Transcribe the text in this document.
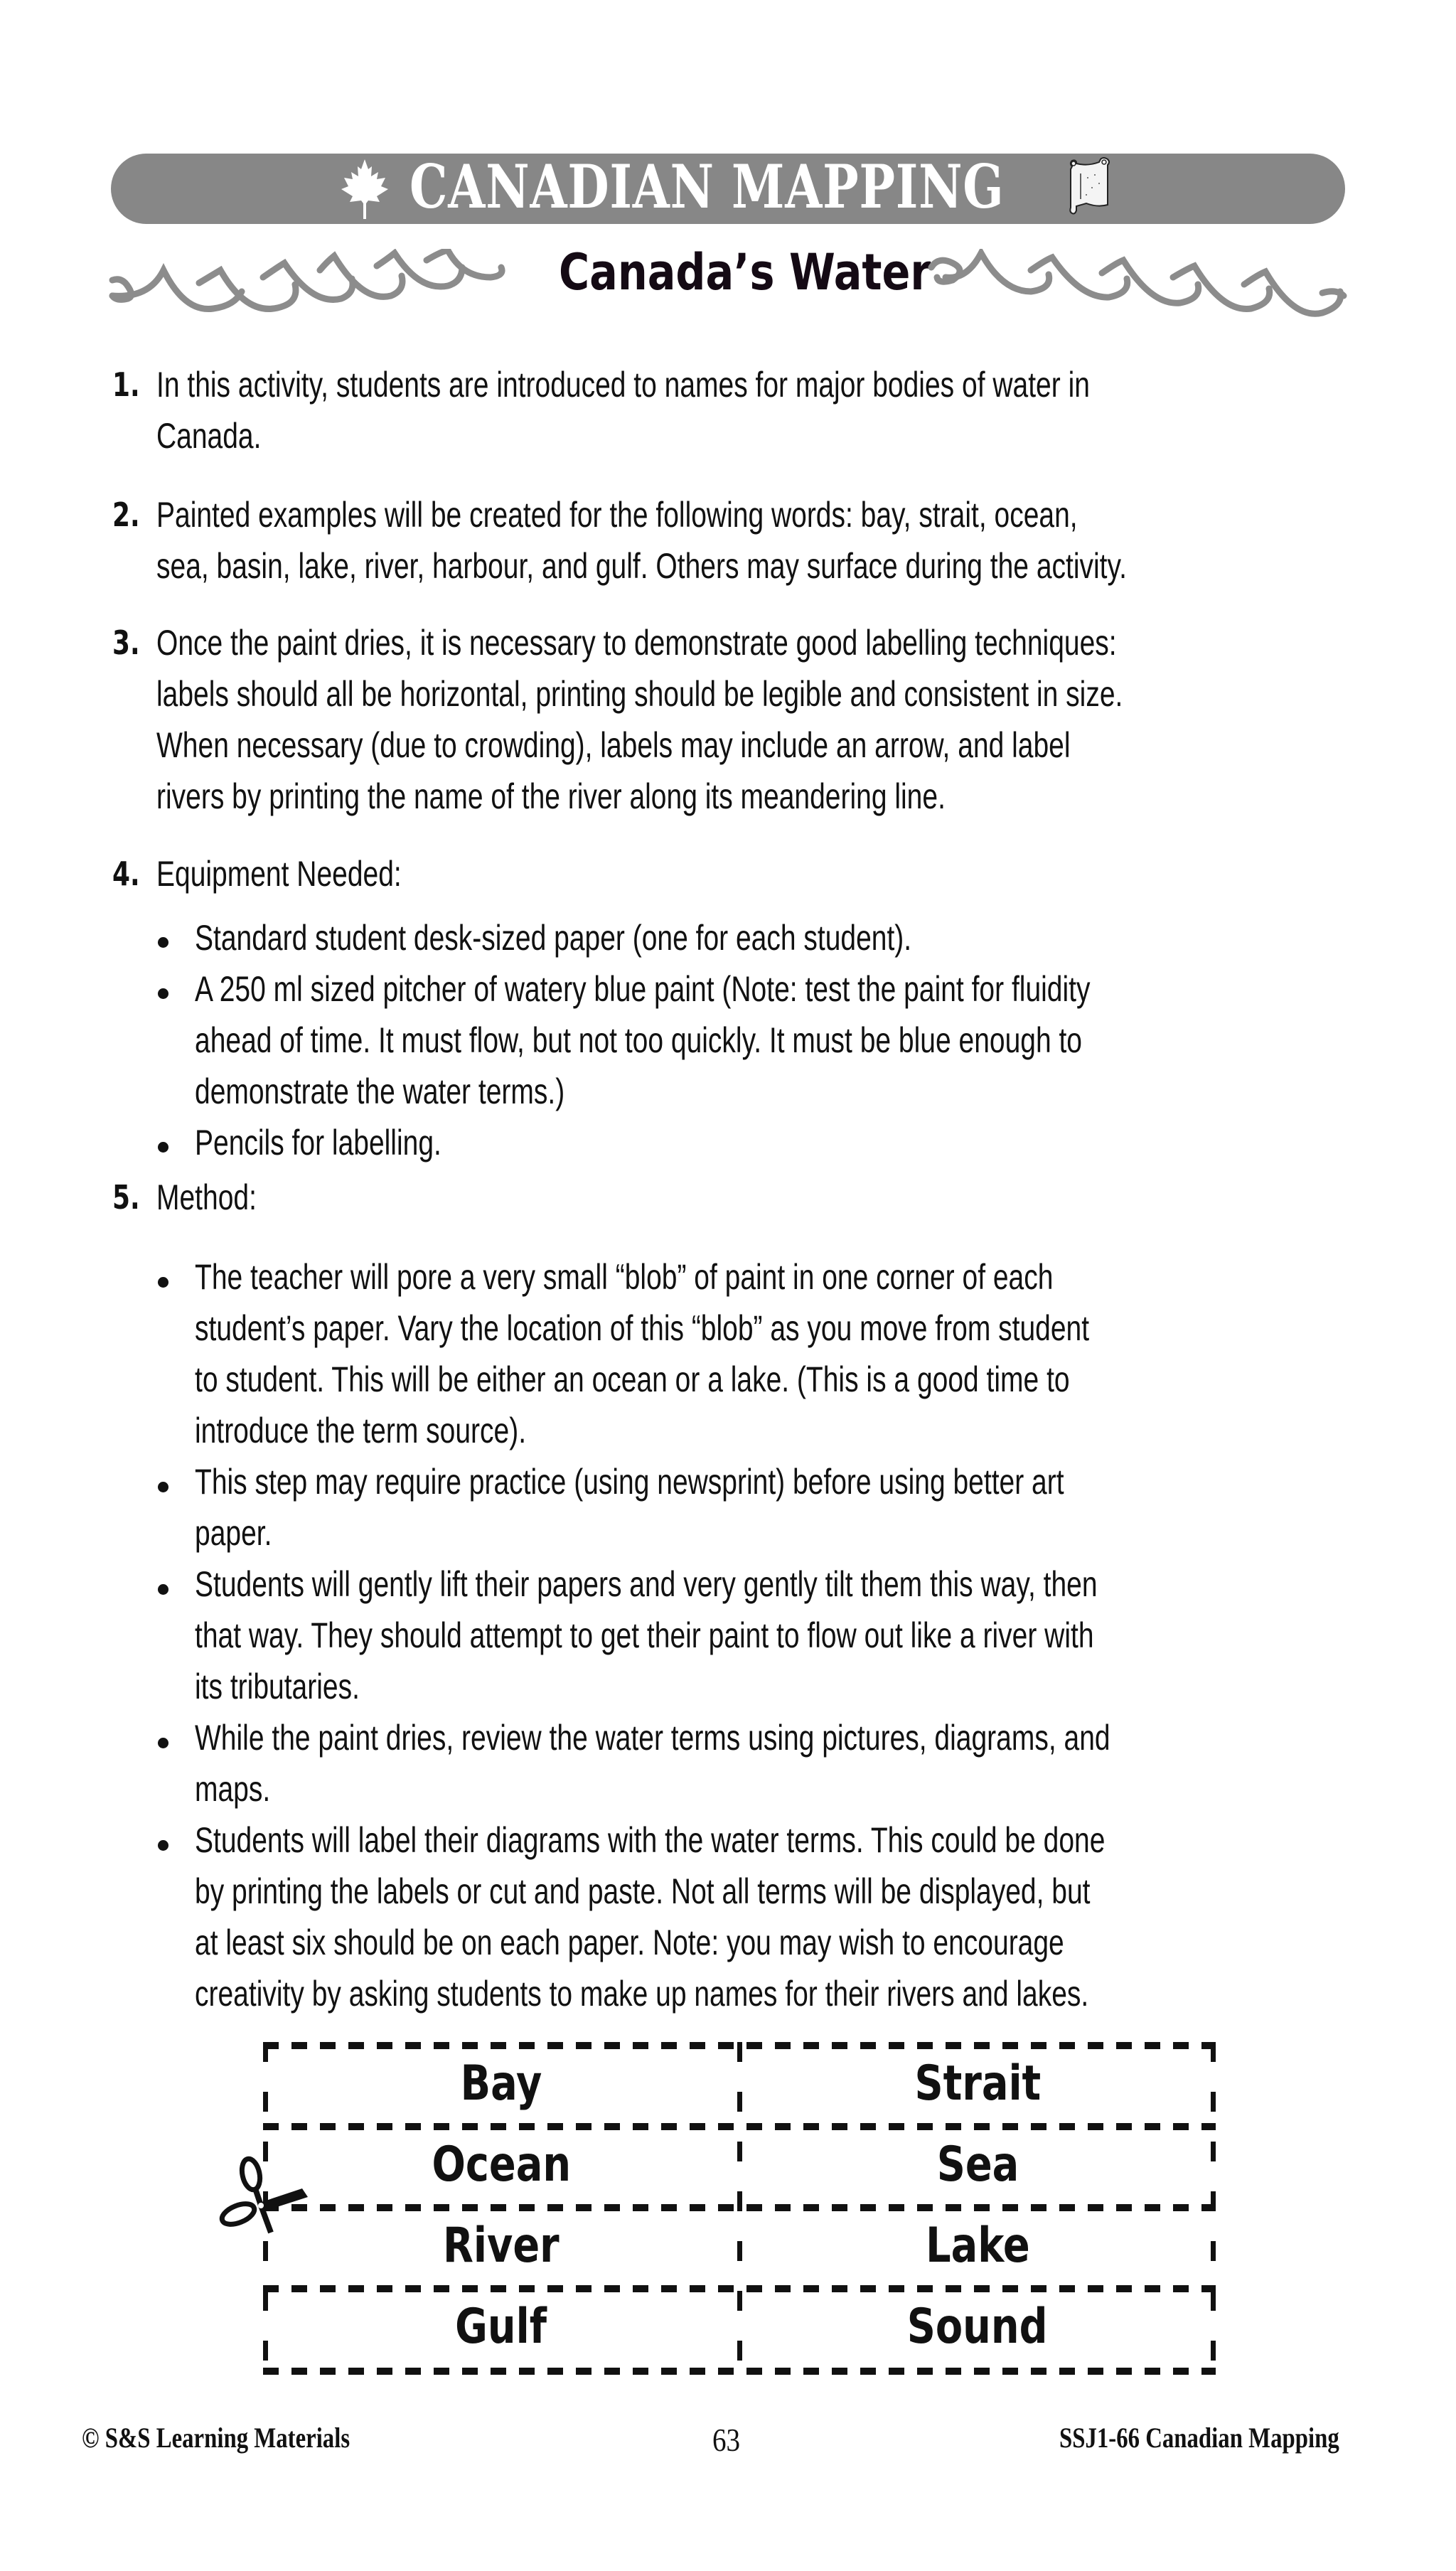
CANADIAN MAPPING
Canada’s Water
1. In this activity, students are introduced to names for major bodies of water in
Canada.
2. Painted examples will be created for the following words: bay, strait, ocean,
sea, basin, lake, river, harbour, and gulf. Others may surface during the activity.
3. Once the paint dries, it is necessary to demonstrate good labelling techniques:
labels should all be horizontal, printing should be legible and consistent in size.
When necessary (due to crowding), labels may include an arrow, and label
rivers by printing the name of the river along its meandering line.
4. Equipment Needed:
Standard student desk-sized paper (one for each student).
A 250 ml sized pitcher of watery blue paint (Note: test the paint for fluidity
ahead of time. It must flow, but not too quickly. It must be blue enough to
demonstrate the water terms.)
Pencils for labelling.
5. Method:
The teacher will pore a very small “blob” of paint in one corner of each
student’s paper. Vary the location of this “blob” as you move from student
to student. This will be either an ocean or a lake. (This is a good time to
introduce the term source).
This step may require practice (using newsprint) before using better art
paper.
Students will gently lift their papers and very gently tilt them this way, then
that way. They should attempt to get their paint to flow out like a river with
its tributaries.
While the paint dries, review the water terms using pictures, diagrams, and
maps.
Students will label their diagrams with the water terms. This could be done
by printing the labels or cut and paste. Not all terms will be displayed, but
at least six should be on each paper. Note: you may wish to encourage
creativity by asking students to make up names for their rivers and lakes.
Bay	Strait
Ocean	Sea
River	Lake
Gulf	Sound
© S&S Learning Materials	63	SSJ1-66 Canadian Mapping
